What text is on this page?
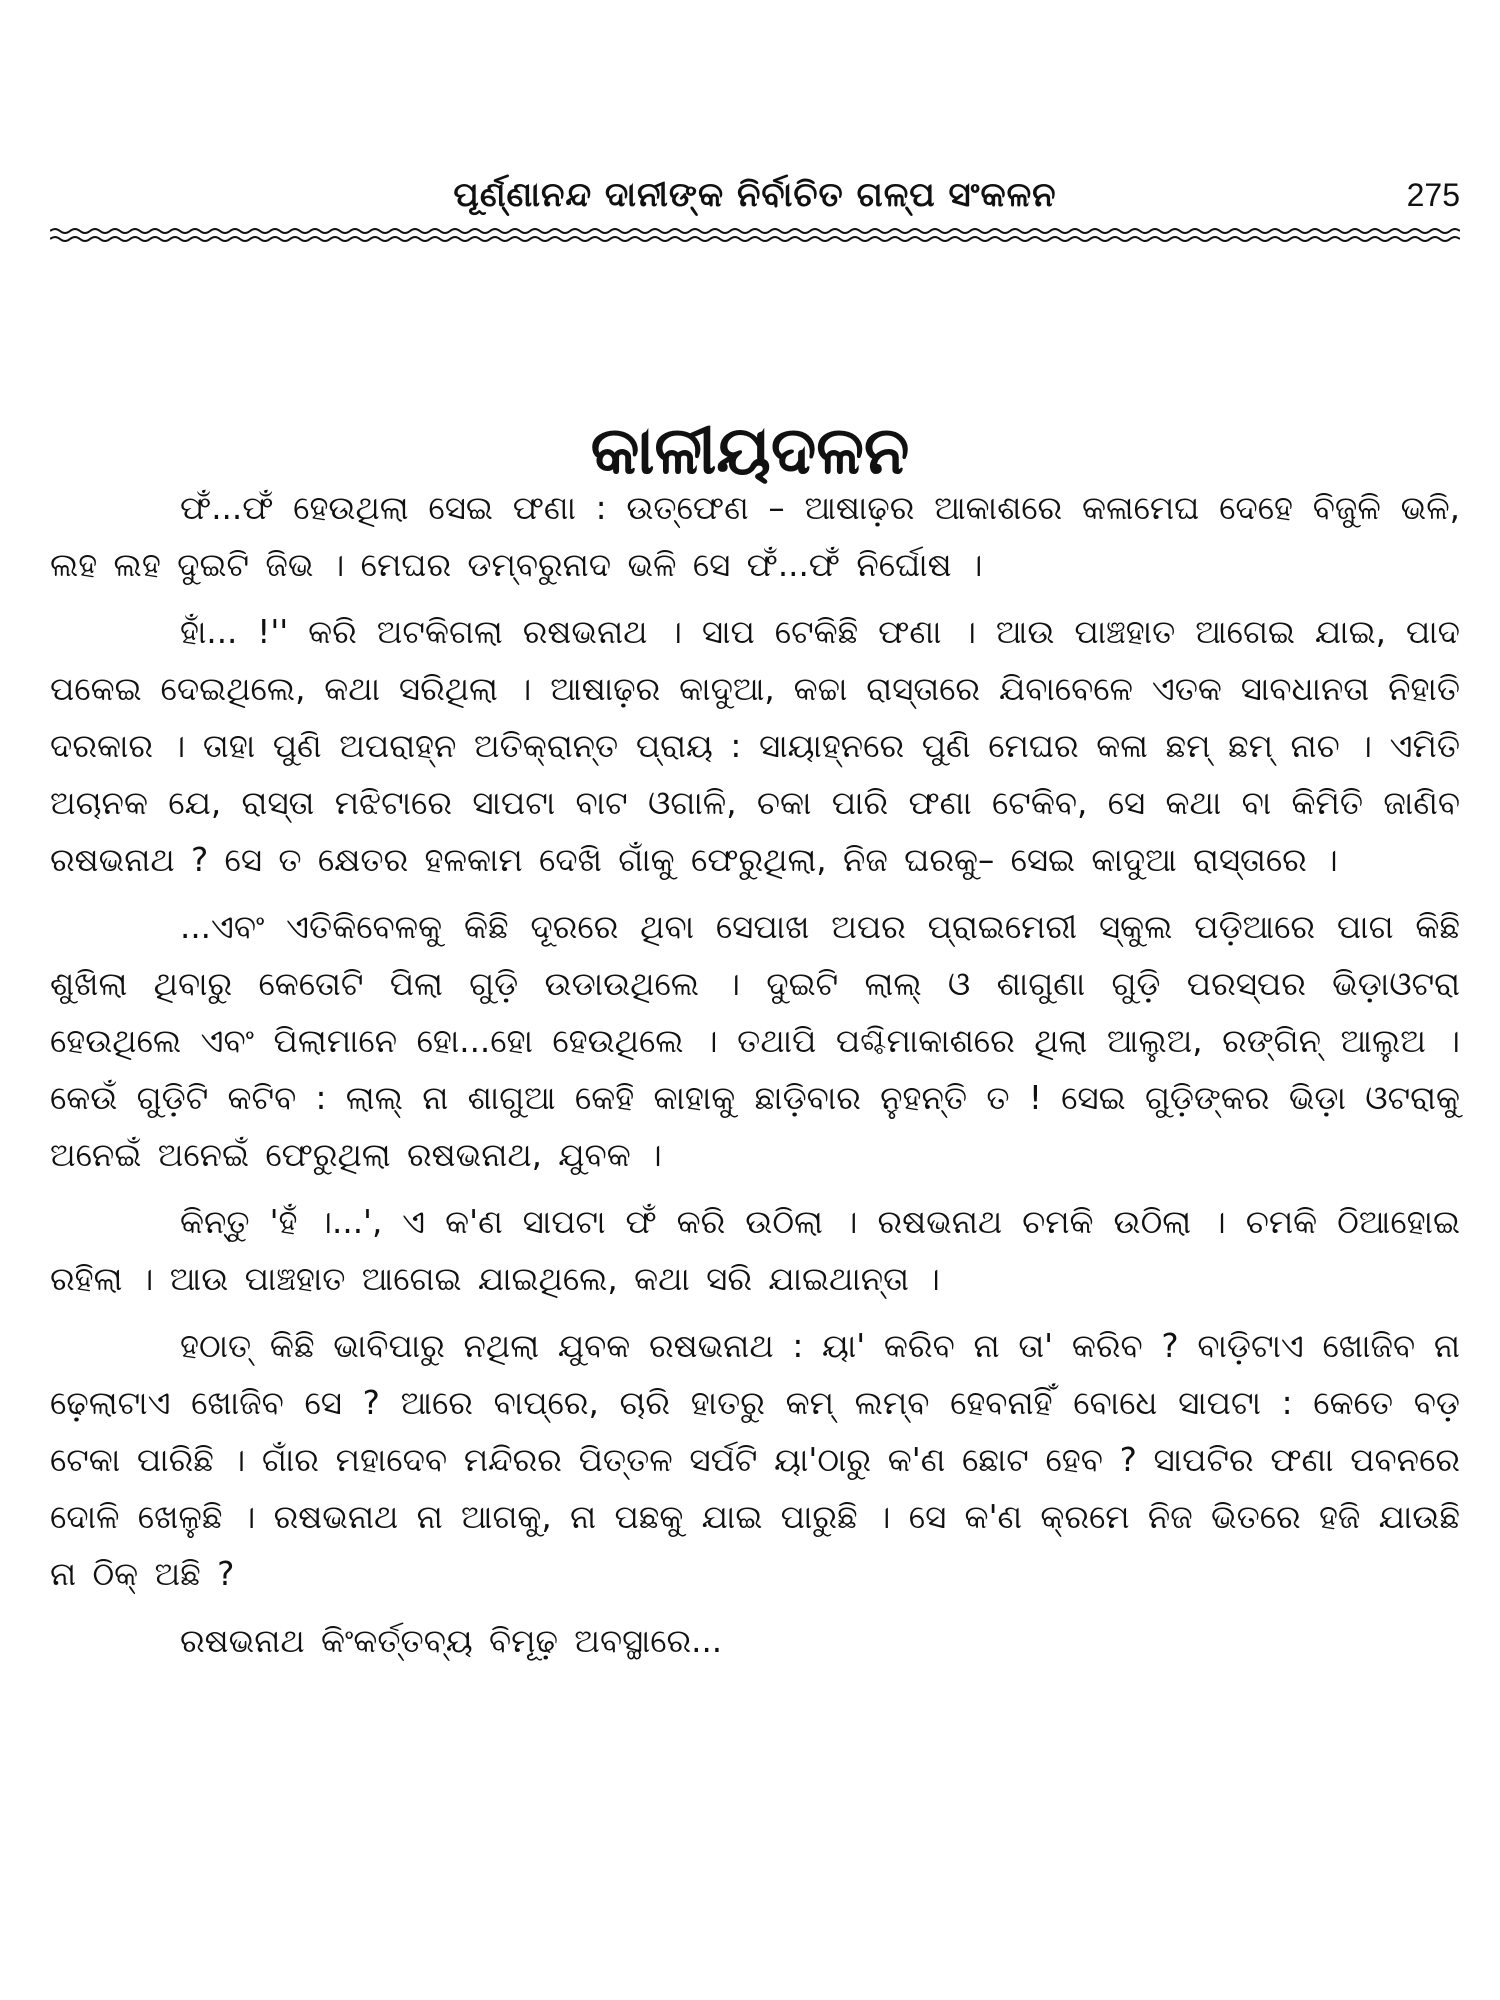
ପୂର୍ଣ୍ଣାନନ୍ଦ ଦାନୀଙ୍କ ନିର୍ବାଚିତ ଗଳ୍ପ ସଂକଳନ	275
କାଳୀୟଦଳନ

ଫଁ...ଫଁ ହେଉଥିଲା ସେଇ ଫଣା : ଉତ୍‌ଫେଣ – ଆଷାଢ଼ର ଆକାଶରେ କଳାମେଘ ଦେହେ ବିଜୁଳି ଭଳି, ଲହ ଲହ ଦୁଇଟି ଜିଭ । ମେଘର ଡମ୍ବରୁନାଦ ଭଳି ସେ ଫଁ...ଫଁ ନିର୍ଘୋଷ ।

ହାଁ... !'' କରି ଅଟକିଗଲା ରଷଭନାଥ । ସାପ ଟେକିଛି ଫଣା । ଆଉ ପାଞ୍ଚହାତ ଆଗେଇ ଯାଇ, ପାଦ ପକେଇ ଦେଇଥିଲେ, କଥା ସରିଥିଲା । ଆଷାଢ଼ର କାଦୁଆ, କଚ୍ଚା ରାସ୍ତାରେ ଯିବାବେଳେ ଏତକ ସାବଧାନତା ନିହାତି ଦରକାର । ତାହା ପୁଣି ଅପରାହ୍ନ ଅତିକ୍ରାନ୍ତ ପ୍ରାୟ : ସାୟାହ୍ନରେ ପୁଣି ମେଘର କଳା ଛମ୍ ଛମ୍ ନାଚ । ଏମିତି ଅଚାନକ ଯେ, ରାସ୍ତା ମଝିଟାରେ ସାପଟା ବାଟ ଓଗାଳି, ଚକା ପାରି ଫଣା ଟେକିବ, ସେ କଥା ବା କିମିତି ଜାଣିବ ରଷଭନାଥ ? ସେ ତ କ୍ଷେତର ହଳକାମ ଦେଖି ଗାଁକୁ ଫେରୁଥିଲା, ନିଜ ଘରକୁ– ସେଇ କାଦୁଆ ରାସ୍ତାରେ ।

...ଏବଂ ଏତିକିବେଳକୁ କିଛି ଦୂରରେ ଥିବା ସେପାଖ ଅପର ପ୍ରାଇମେରୀ ସ୍କୁଲ ପଡ଼ିଆରେ ପାଗ କିଛି ଶୁଖିଲା ଥିବାରୁ କେତୋଟି ପିଲା ଗୁଡ଼ି ଉଡାଉଥିଲେ । ଦୁଇଟି ଲାଲ୍ ଓ ଶାଗୁଣା ଗୁଡ଼ି ପରସ୍ପର ଭିଡ଼ାଓଟରା ହେଉଥିଲେ ଏବଂ ପିଲାମାନେ ହୋ...ହୋ ହେଉଥିଲେ । ତଥାପି ପଶ୍ଚିମାକାଶରେ ଥିଲା ଆଲୁଅ, ରଙ୍ଗିନ୍ ଆଲୁଅ । କେଉଁ ଗୁଡ଼ିଟି କଟିବ : ଲାଲ୍ ନା ଶାଗୁଆ କେହି କାହାକୁ ଛାଡ଼ିବାର ନୁହନ୍ତି ତ ! ସେଇ ଗୁଡ଼ିଙ୍କର ଭିଡ଼ା ଓଟରାକୁ ଅନେଇଁ ଅନେଇଁ ଫେରୁଥିଲା ରଷଭନାଥ, ଯୁବକ ।

କିନ୍ତୁ 'ହଁ ।...', ଏ କ'ଣ ସାପଟା ଫଁ କରି ଉଠିଲା । ରଷଭନାଥ ଚମକି ଉଠିଲା । ଚମକି ଠିଆହୋଇ ରହିଲା । ଆଉ ପାଞ୍ଚହାତ ଆଗେଇ ଯାଇଥିଲେ, କଥା ସରି ଯାଇଥାନ୍ତା ।

ହଠାତ୍ କିଛି ଭାବିପାରୁ ନଥିଲା ଯୁବକ ରଷଭନାଥ : ୟା' କରିବ ନା ତା' କରିବ ? ବାଡ଼ିଟାଏ ଖୋଜିବ ନା ଢ଼େଲାଟାଏ ଖୋଜିବ ସେ ? ଆରେ ବାପ୍‌ରେ, ଚାରି ହାତରୁ କମ୍ ଲମ୍ବ ହେବନାହିଁ ବୋଧେ ସାପଟା : କେତେ ବଡ଼ ଟେକା ପାରିଛି । ଗାଁର ମହାଦେବ ମନ୍ଦିରର ପିତ୍ତଳ ସର୍ପଟି ୟା'ଠାରୁ କ'ଣ ଛୋଟ ହେବ ? ସାପଟିର ଫଣା ପବନରେ ଦୋଳି ଖେଳୁଛି । ରଷଭନାଥ ନା ଆଗକୁ, ନା ପଛକୁ ଯାଇ ପାରୁଛି । ସେ କ'ଣ କ୍ରମେ ନିଜ ଭିତରେ ହଜି ଯାଉଛି ନା ଠିକ୍ ଅଛି ?

ରଷଭନାଥ କିଂକର୍ତ୍ତବ୍ୟ ବିମୂଢ଼ ଅବସ୍ଥାରେ...
